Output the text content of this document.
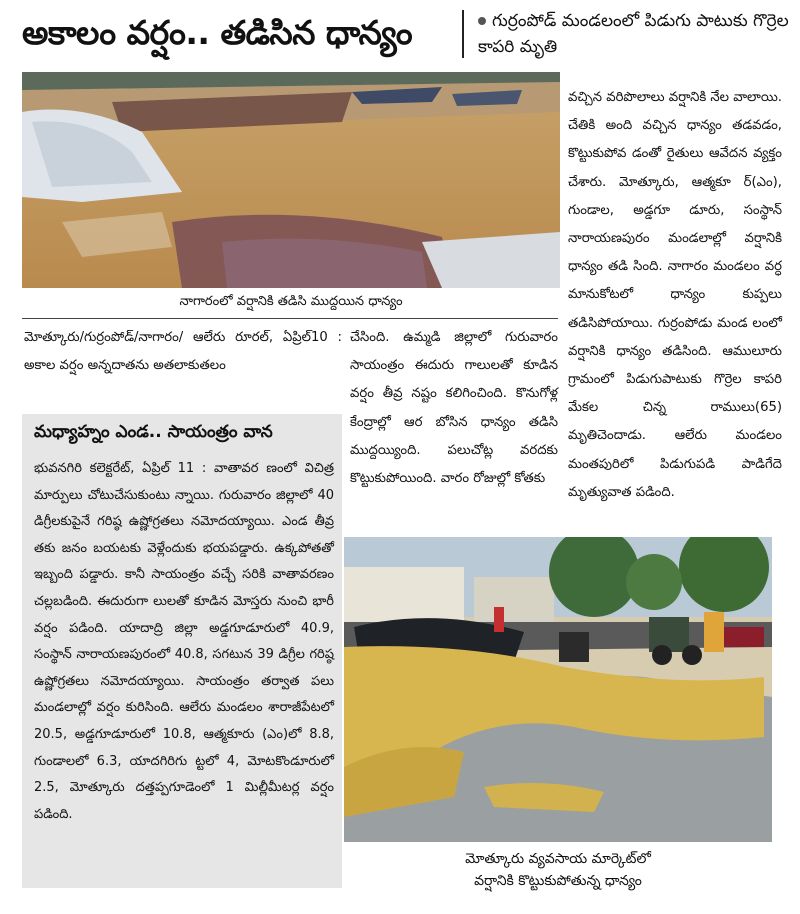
అకాలం వర్షం.. తడిసిన ధాన్యం	గుర్రంపోడ్‌ మండలంలో పిడుగు పాటుకు గొర్రెల కాపరి మృతి
నాగారంలో వర్షానికి తడిసి ముద్దయిన ధాన్యం
మోత్కూరు/గుర్రంపోడ్‌/నాగారం/ ఆలేరు రూరల్‌, ఏప్రిల్‌10 : అకాల వర్షం అన్నదాతను అతలాకుతలం
చేసింది. ఉమ్మడి జిల్లాలో గురువారం సాయంత్రం ఈదురు గాలులతో కూడిన వర్షం తీవ్ర నష్టం కలిగించింది. కొనుగోళ్ల కేంద్రాల్లో ఆర బోసిన ధాన్యం తడిసి ముద్దయ్యింది. పలుచోట్ల వరదకు కొట్టుకుపోయింది. వారం రోజుల్లో కోతకు
వచ్చిన వరిపొలాలు వర్షానికి నేల వాలాయి. చేతికి అంది వచ్చిన ధాన్యం తడవడం, కొట్టుకుపోవ డంతో రైతులు ఆవేదన వ్యక్తం చేశారు. మోత్కూరు, ఆత్మకూ ర్‌(ఎం), గుండాల, అడ్డగూ డూరు, సంస్థాన్‌ నారాయణపురం మండలాల్లో వర్షానికి ధాన్యం తడి సింది. నాగారం మండలం వర్ధ మానుకోటలో ధాన్యం కుప్పలు తడిసిపోయాయి. గుర్రంపోడు మండ లంలో వర్షానికి ధాన్యం తడిసింది. ఆములూరు గ్రామంలో పిడుగుపాటుకు గొర్రెల కాపరి మేకల చిన్న రాములు(65) మృతిచెందాడు. ఆలేరు మండలం మంతపురిలో పిడుగుపడి పాడిగేదె మృత్యువాత పడింది.
మధ్యాహ్నం ఎండ.. సాయంత్రం వాన
భువనగిరి కలెక్టరేట్‌, ఏప్రిల్‌ 11 : వాతావర ణంలో విచిత్ర మార్పులు చోటుచేసుకుంటు న్నాయి. గురువారం జిల్లాలో 40 డిగ్రీలకుపైనే గరిష్ఠ ఉష్ణోగ్రతలు నమోదయ్యాయి. ఎండ తీవ్ర తకు జనం బయటకు వెళ్లేందుకు భయపడ్డారు. ఉక్కపోతతో ఇబ్బంది పడ్డారు. కానీ సాయంత్రం వచ్చే సరికి వాతావరణం చల్లబడింది. ఈదురుగా లులతో కూడిన మోస్తరు నుంచి భారీ వర్షం పడింది. యాదాద్రి జిల్లా అడ్డగూడూరులో 40.9, సంస్థాన్‌ నారాయణపురంలో 40.8, సగటున 39 డిగ్రీల గరిష్ఠ ఉష్ణోగ్రతలు నమోదయ్యాయి. సాయంత్రం తర్వాత పలు మండలాల్లో వర్షం కురిసింది. ఆలేరు మండలం శారాజీపేటలో 20.5, అడ్డగూడూరులో 10.8, ఆత్మకూరు (ఎం)లో 8.8, గుండాలలో 6.3, యాదగిరిగు ట్టలో 4, మోటకొండూరులో 2.5, మోత్కూరు దత్తప్పగూడెంలో 1 మిల్లీమీటర్ల వర్షం పడింది.
మోత్కూరు వ్యవసాయ మార్కెట్‌లో
వర్షానికి కొట్టుకుపోతున్న ధాన్యం
